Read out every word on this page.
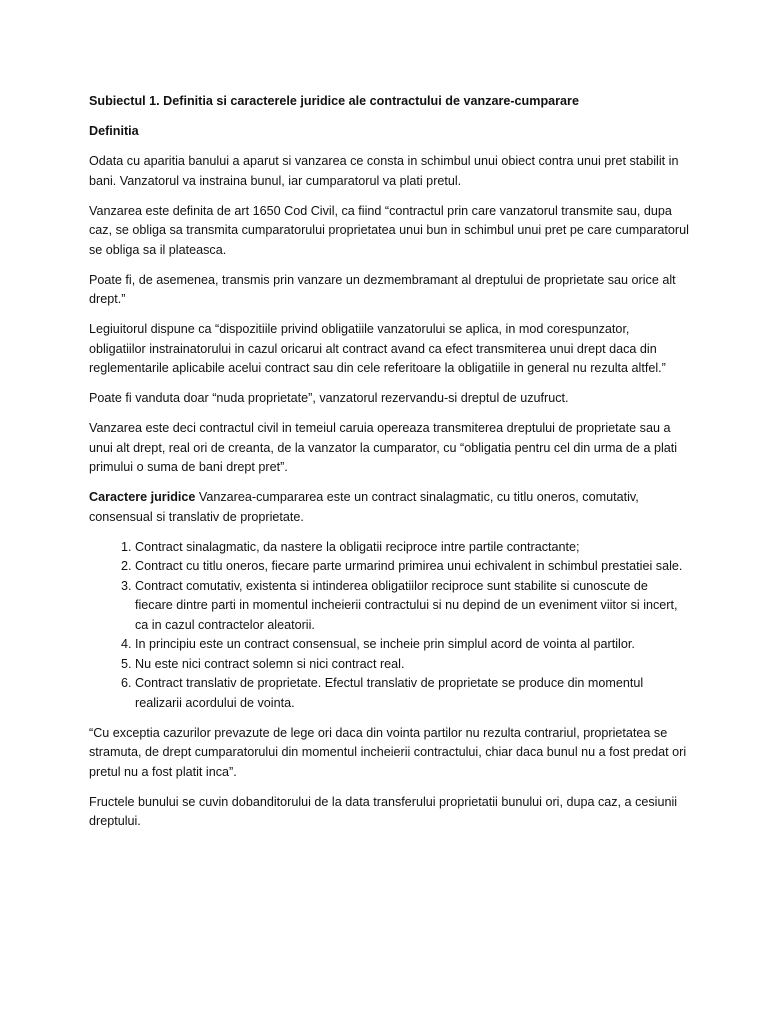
Subiectul 1. Definitia si caracterele juridice ale contractului de vanzare-cumparare

Definitia

Odata cu aparitia banului a aparut si vanzarea ce consta in schimbul unui obiect contra unui pret stabilit in bani. Vanzatorul va instraina bunul, iar cumparatorul va plati pretul.

Vanzarea este definita de art 1650 Cod Civil, ca fiind “contractul prin care vanzatorul transmite sau, dupa caz, se obliga sa transmita cumparatorului proprietatea unui bun in schimbul unui pret pe care cumparatorul se obliga sa il plateasca.

Poate fi, de asemenea, transmis prin vanzare un dezmembramant al dreptului de proprietate sau orice alt drept.”

Legiuitorul dispune ca “dispozitiile privind obligatiile vanzatorului se aplica, in mod corespunzator, obligatiilor instrainatorului in cazul oricarui alt contract avand ca efect transmiterea unui drept daca din reglementarile aplicabile acelui contract sau din cele referitoare la obligatiile in general nu rezulta altfel.”

Poate fi vanduta doar “nuda proprietate”, vanzatorul rezervandu-si dreptul de uzufruct.

Vanzarea este deci contractul civil in temeiul caruia opereaza transmiterea dreptului de proprietate sau a unui alt drept, real ori de creanta, de la vanzator la cumparator, cu “obligatia pentru cel din urma de a plati primului o suma de bani drept pret”.

Caractere juridice Vanzarea-cumpararea este un contract sinalagmatic, cu titlu oneros, comutativ, consensual si translativ de proprietate.

1. Contract sinalagmatic, da nastere la obligatii reciproce intre partile contractante;
2. Contract cu titlu oneros, fiecare parte urmarind primirea unui echivalent in schimbul prestatiei sale.
3. Contract comutativ, existenta si intinderea obligatiilor reciproce sunt stabilite si cunoscute de fiecare dintre parti in momentul incheierii contractului si nu depind de un eveniment viitor si incert, ca in cazul contractelor aleatorii.
4. In principiu este un contract consensual, se incheie prin simplul acord de vointa al partilor.
5. Nu este nici contract solemn si nici contract real.
6. Contract translativ de proprietate. Efectul translativ de proprietate se produce din momentul realizarii acordului de vointa.

“Cu exceptia cazurilor prevazute de lege ori daca din vointa partilor nu rezulta contrariul, proprietatea se stramuta, de drept cumparatorului din momentul incheierii contractului, chiar daca bunul nu a fost predat ori pretul nu a fost platit inca”.

Fructele bunului se cuvin dobanditorului de la data transferului proprietatii bunului ori, dupa caz, a cesiunii dreptului.
